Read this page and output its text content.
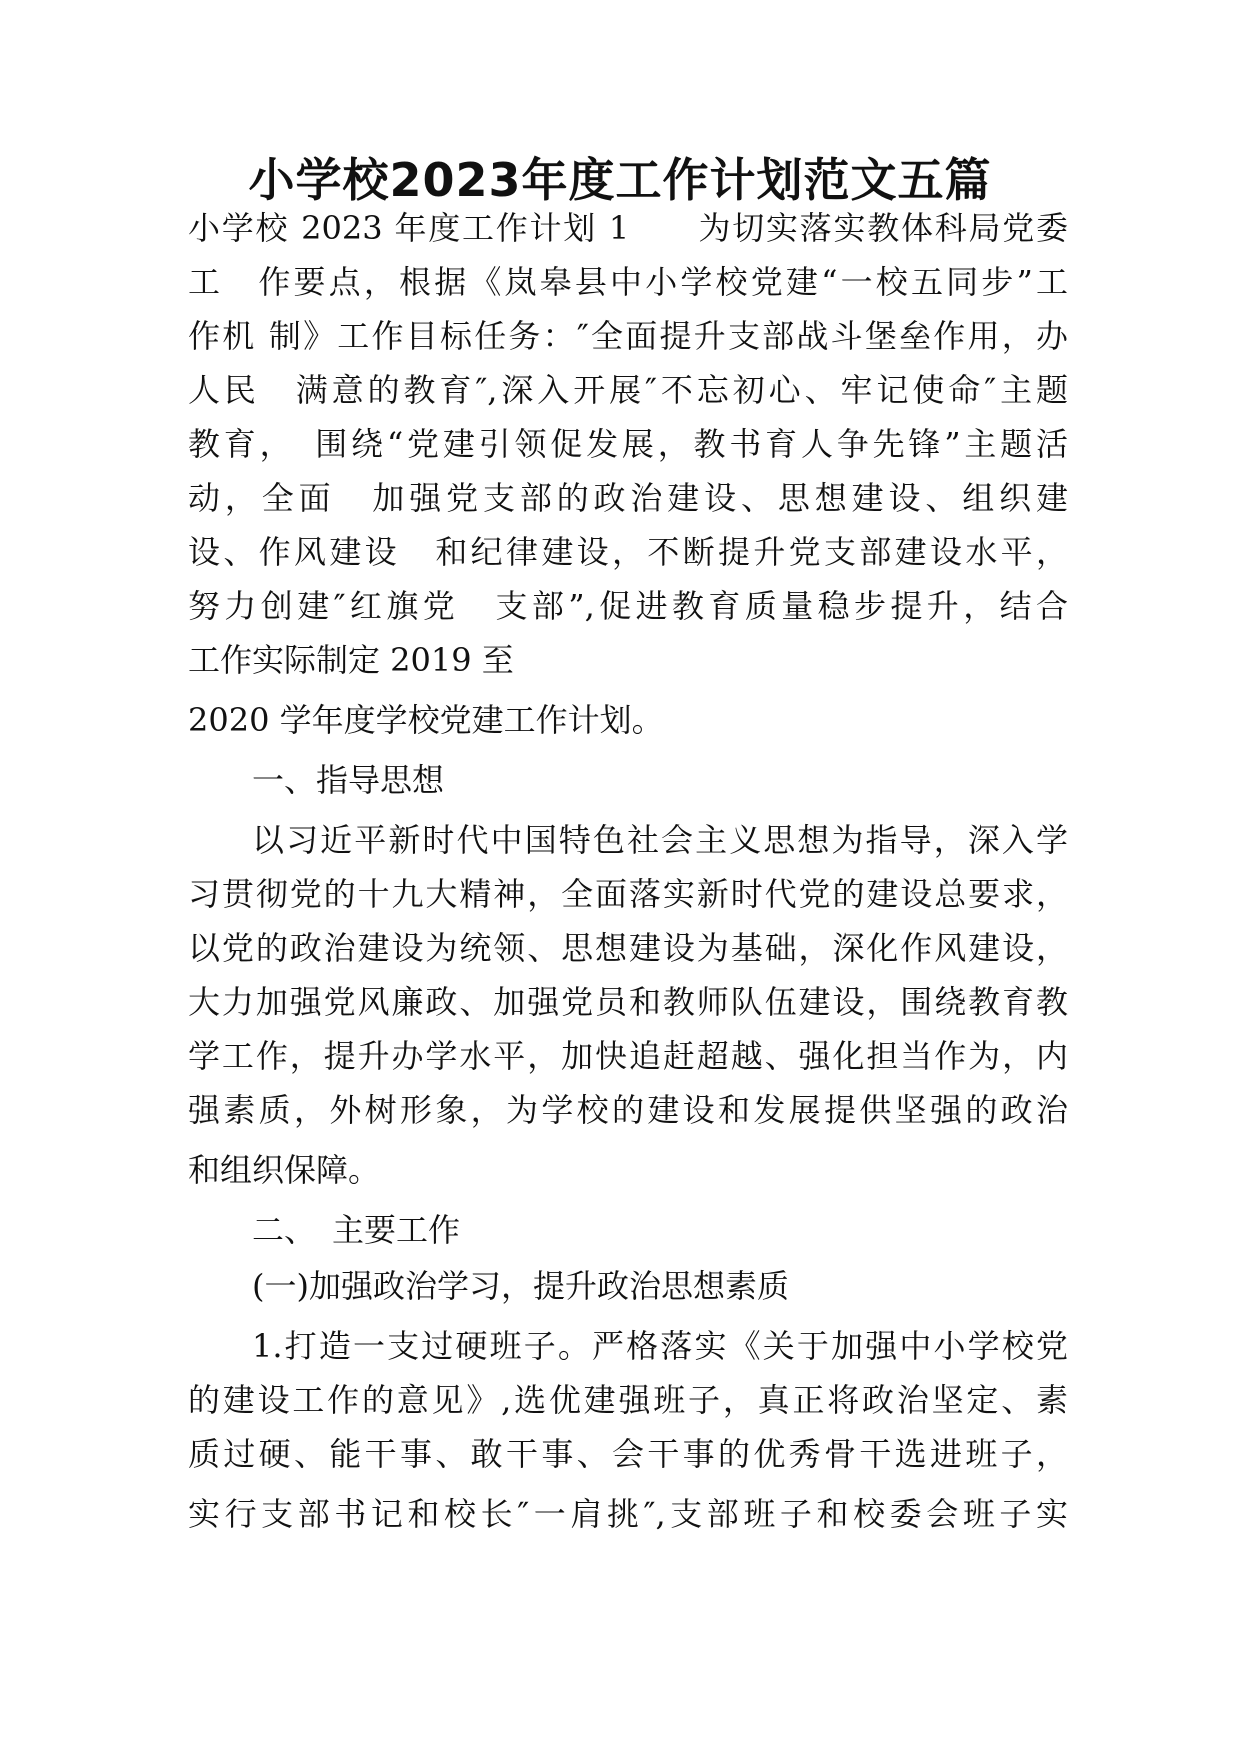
小学校2023年度工作计划范文五篇

小学校 2023 年度工作计划 1　　为切实落实教体科局党委

工　作要点，根据《岚皋县中小学校党建“一校五同步”工

作机 制》工作目标任务：″全面提升支部战斗堡垒作用，办

人民　满意的教育″,深入开展″不忘初心、牢记使命″主题

教育，　围绕“党建引领促发展，教书育人争先锋”主题活

动，全面　加强党支部的政治建设、思想建设、组织建

设、作风建设　和纪律建设，不断提升党支部建设水平，

努力创建″红旗党　支部”,促进教育质量稳步提升，结合

工作实际制定 2019 至

2020 学年度学校党建工作计划。

一、指导思想

以习近平新时代中国特色社会主义思想为指导，深入学

习贯彻党的十九大精神，全面落实新时代党的建设总要求，

以党的政治建设为统领、思想建设为基础，深化作风建设，

大力加强党风廉政、加强党员和教师队伍建设，围绕教育教

学工作，提升办学水平，加快追赶超越、强化担当作为，内

强素质，外树形象，为学校的建设和发展提供坚强的政治

和组织保障。

二、　主要工作

(一)加强政治学习，提升政治思想素质

1.打造一支过硬班子。严格落实《关于加强中小学校党

的建设工作的意见》,选优建强班子，真正将政治坚定、素

质过硬、能干事、敢干事、会干事的优秀骨干选进班子，

实行支部书记和校长″一肩挑″,支部班子和校委会班子实
